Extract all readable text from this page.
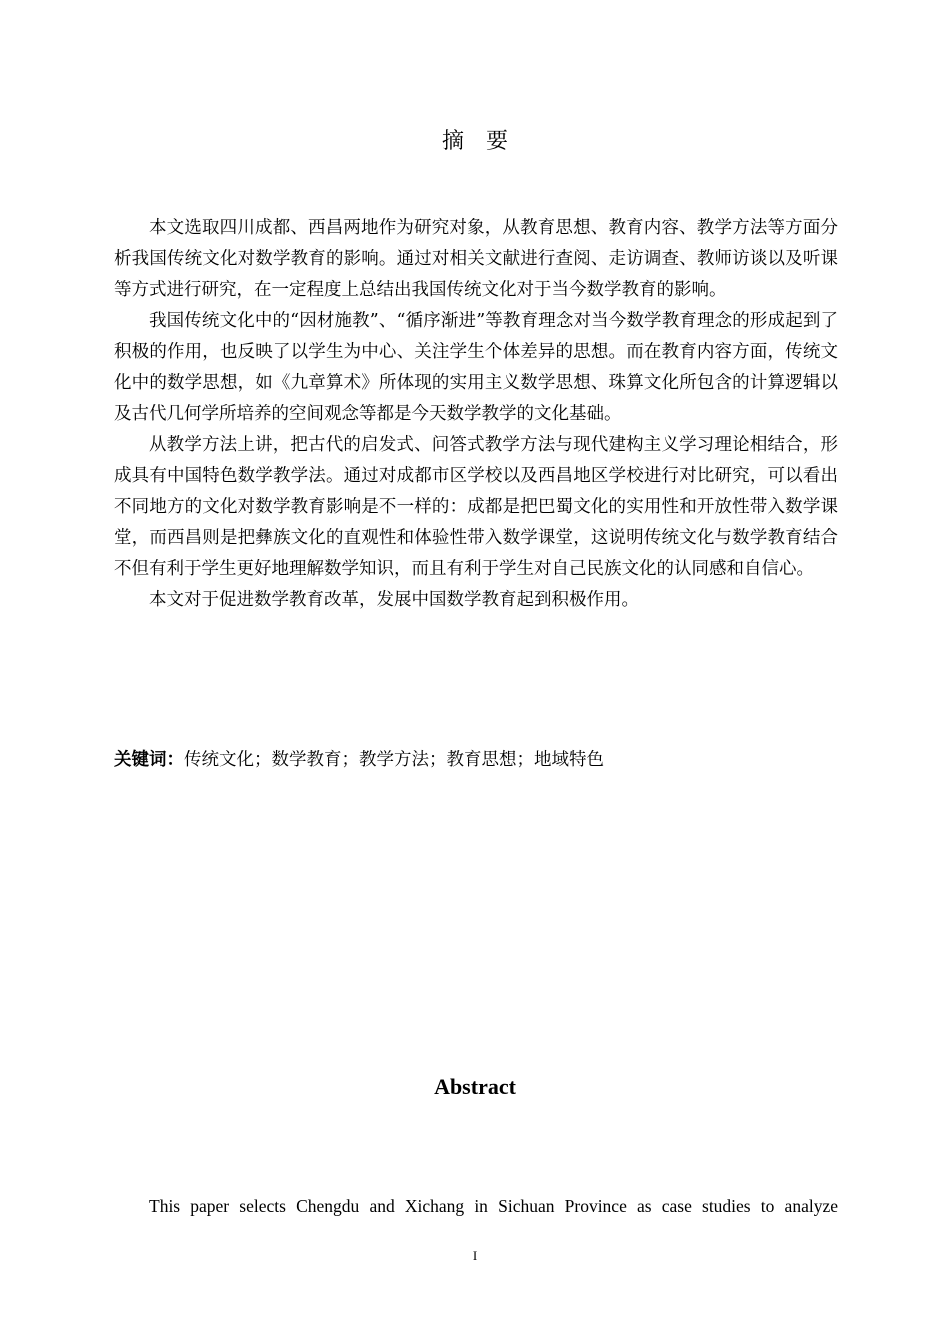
摘要

本文选取四川成都、西昌两地作为研究对象，从教育思想、教育内容、教学方法等方面分析我国传统文化对数学教育的影响。通过对相关文献进行查阅、走访调查、教师访谈以及听课等方式进行研究，在一定程度上总结出我国传统文化对于当今数学教育的影响。

我国传统文化中的“因材施教”、“循序渐进”等教育理念对当今数学教育理念的形成起到了积极的作用，也反映了以学生为中心、关注学生个体差异的思想。而在教育内容方面，传统文化中的数学思想，如《九章算术》所体现的实用主义数学思想、珠算文化所包含的计算逻辑以及古代几何学所培养的空间观念等都是今天数学教学的文化基础。

从教学方法上讲，把古代的启发式、问答式教学方法与现代建构主义学习理论相结合，形成具有中国特色数学教学法。通过对成都市区学校以及西昌地区学校进行对比研究，可以看出不同地方的文化对数学教育影响是不一样的：成都是把巴蜀文化的实用性和开放性带入数学课堂，而西昌则是把彝族文化的直观性和体验性带入数学课堂，这说明传统文化与数学教育结合不但有利于学生更好地理解数学知识，而且有利于学生对自己民族文化的认同感和自信心。

本文对于促进数学教育改革，发展中国数学教育起到积极作用。

关键词：传统文化；数学教育；教学方法；教育思想；地域特色
Abstract

This paper selects Chengdu and Xichang in Sichuan Province as case studies to analyze

I
